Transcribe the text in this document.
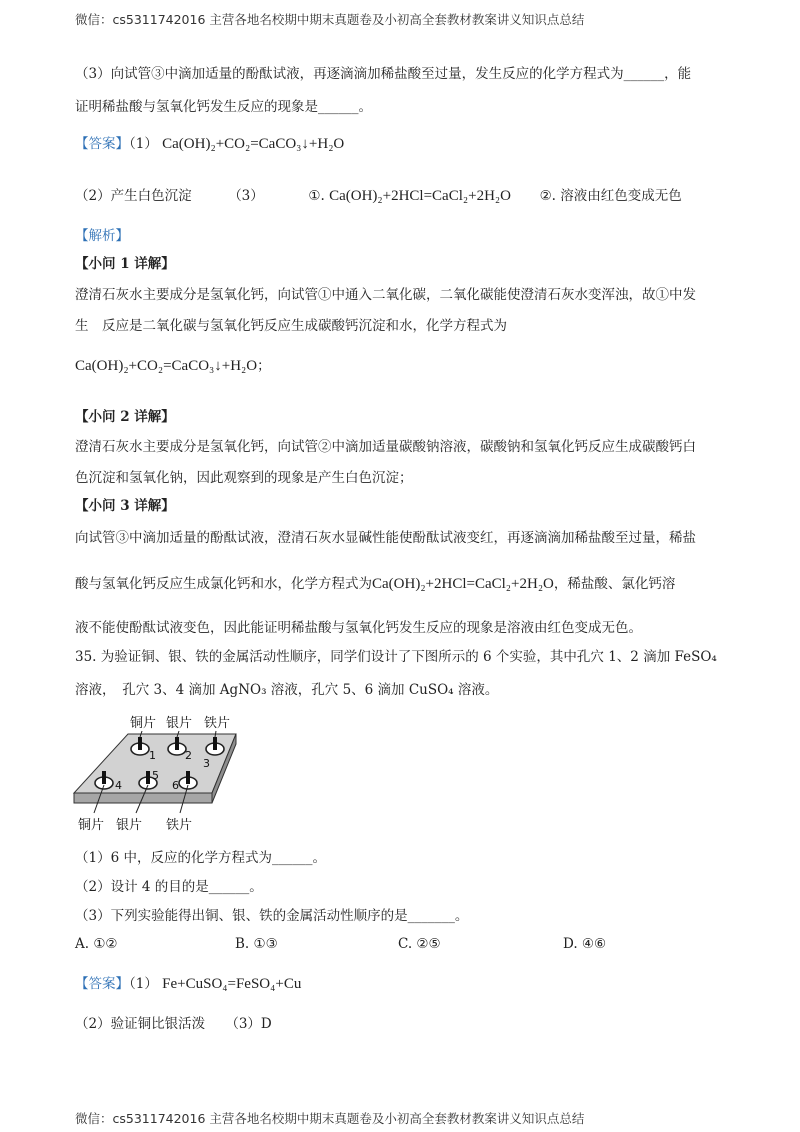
微信：cs5311742016 主营各地名校期中期末真题卷及小初高全套教材教案讲义知识点总结
（3）向试管③中滴加适量的酚酞试液，再逐滴滴加稀盐酸至过量，发生反应的化学方程式为______，能
证明稀盐酸与氢氧化钙发生反应的现象是______。
【答案】（1） Ca(OH)₂+CO₂=CaCO₃↓+H₂O
（2）产生白色沉淀	（3）	①. Ca(OH)₂+2HCl=CaCl₂+2H₂O ②. 溶液由红色变成无色
【解析】
【小问 1 详解】
澄清石灰水主要成分是氢氧化钙，向试管①中通入二氧化碳，二氧化碳能使澄清石灰水变浑浊，故①中发
生　反应是二氧化碳与氢氧化钙反应生成碳酸钙沉淀和水，化学方程式为
Ca(OH)₂+CO₂=CaCO₃↓+H₂O；
【小问 2 详解】
澄清石灰水主要成分是氢氧化钙，向试管②中滴加适量碳酸钠溶液，碳酸钠和氢氧化钙反应生成碳酸钙白
色沉淀和氢氧化钠，因此观察到的现象是产生白色沉淀；
【小问 3 详解】
向试管③中滴加适量的酚酞试液，澄清石灰水显碱性能使酚酞试液变红，再逐滴滴加稀盐酸至过量，稀盐
酸与氢氧化钙反应生成氯化钙和水，化学方程式为Ca(OH)₂+2HCl=CaCl₂+2H₂O，稀盐酸、氯化钙溶
液不能使酚酞试液变色，因此能证明稀盐酸与氢氧化钙发生反应的现象是溶液由红色变成无色。
35. 为验证铜、银、铁的金属活动性顺序，同学们设计了下图所示的 6 个实验，其中孔穴 1、2 滴加 FeSO₄
溶液，　孔穴 3、4 滴加 AgNO₃ 溶液，孔穴 5、6 滴加 CuSO₄ 溶液。
铜片 银片 铁片
1	2
3
4
5
6
铜片 银片 铁片
（1）6 中，反应的化学方程式为______。
（2）设计 4 的目的是______。
（3）下列实验能得出铜、银、铁的金属活动性顺序的是_______。
A. ①②	B. ①③	C. ②⑤	D. ④⑥
【答案】（1） Fe+CuSO₄=FeSO₄+Cu
（2）验证铜比银活泼　　（3）D
微信：cs5311742016 主营各地名校期中期末真题卷及小初高全套教材教案讲义知识点总结
